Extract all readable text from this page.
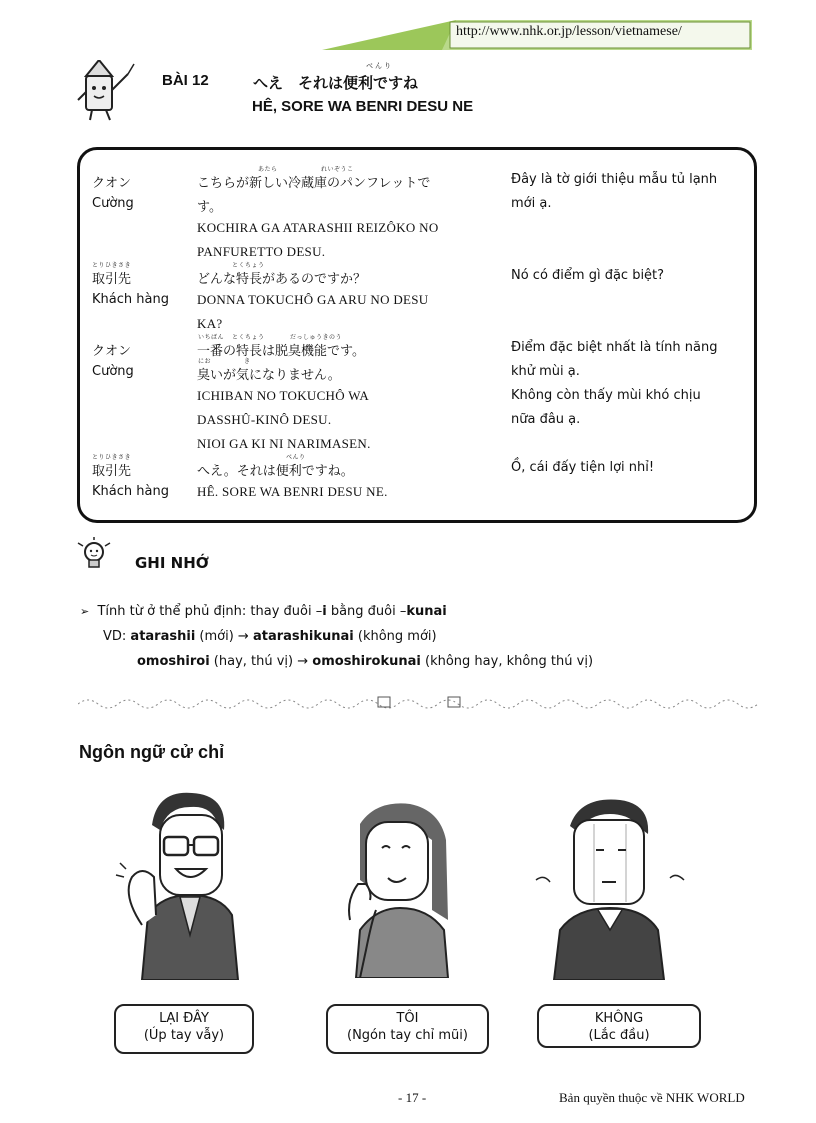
http://www.nhk.or.jp/lesson/vietnamese/
BÀI 12
べんり
へえ　それは便利ですね
HÊ, SORE WA BENRI DESU NE
クオン
Cường
あたら	れいぞうこ
こちらが新しい冷蔵庫のパンフレットで
す。
KOCHIRA GA ATARASHII REIZÔKO NO
PANFURETTO DESU.
Đây là tờ giới thiệu mẫu tủ lạnh
mới ạ.
とりひきさき
取引先
Khách hàng
とくちょう
どんな特長があるのですか？
DONNA TOKUCHÔ GA ARU NO DESU
KA?
Nó có điểm gì đặc biệt?
クオン
Cường
いちばん とくちょう	だっしゅうきのう
一番の特長は脱臭機能です。
にお	き
臭いが気になりません。
ICHIBAN NO TOKUCHÔ WA
DASSHÛ-KINÔ DESU.
NIOI GA KI NI NARIMASEN.
Điểm đặc biệt nhất là tính năng
khử mùi ạ.
Không còn thấy mùi khó chịu
nữa đâu ạ.
とりひきさき
取引先
Khách hàng
べんり
へえ。それは便利ですね。
HÊ. SORE WA BENRI DESU NE.
Ồ, cái đấy tiện lợi nhỉ!
GHI NHỚ
➢ Tính từ ở thể phủ định: thay đuôi –i bằng đuôi –kunai
VD: atarashii (mới) → atarashikunai (không mới)
omoshiroi (hay, thú vị) → omoshirokunai (không hay, không thú vị)
Ngôn ngữ cử chỉ
LẠI ĐÂY
(Úp tay vẫy)
TÔI
(Ngón tay chỉ mũi)
KHÔNG
(Lắc đầu)
- 17 -	Bản quyền thuộc về NHK WORLD
